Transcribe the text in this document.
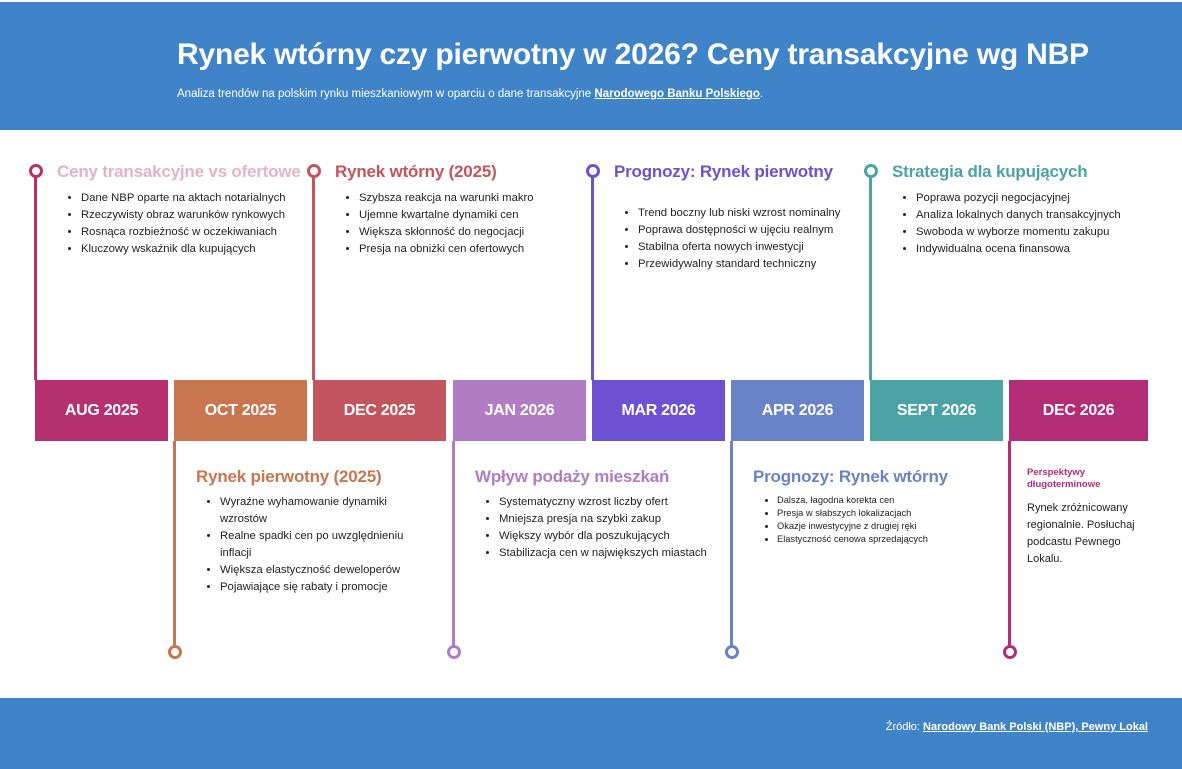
Rynek wtórny czy pierwotny w 2026? Ceny transakcyjne wg NBP

Analiza trendów na polskim rynku mieszkaniowym w oparciu o dane transakcyjne Narodowego Banku Polskiego.

AUG 2025
Ceny transakcyjne vs ofertowe
• Dane NBP oparte na aktach notarialnych
• Rzeczywisty obraz warunków rynkowych
• Rosnąca rozbieżność w oczekiwaniach
• Kluczowy wskaźnik dla kupujących
OCT 2025
Rynek pierwotny (2025)
• Wyraźne wyhamowanie dynamiki wzrostów
• Realne spadki cen po uwzględnieniu inflacji
• Większa elastyczność deweloperów
• Pojawiające się rabaty i promocje
DEC 2025
Rynek wtórny (2025)
• Szybsza reakcja na warunki makro
• Ujemne kwartalne dynamiki cen
• Większa skłonność do negocjacji
• Presja na obniżki cen ofertowych
JAN 2026
Wpływ podaży mieszkań
• Systematyczny wzrost liczby ofert
• Mniejsza presja na szybki zakup
• Większy wybór dla poszukujących
• Stabilizacja cen w największych miastach
MAR 2026
Prognozy: Rynek pierwotny
• Trend boczny lub niski wzrost nominalny
• Poprawa dostępności w ujęciu realnym
• Stabilna oferta nowych inwestycji
• Przewidywalny standard techniczny
APR 2026
Prognozy: Rynek wtórny
• Dalsza, łagodna korekta cen
• Presja w słabszych lokalizacjach
• Okazje inwestycyjne z drugiej ręki
• Elastyczność cenowa sprzedających
SEPT 2026
Strategia dla kupujących
• Poprawa pozycji negocjacyjnej
• Analiza lokalnych danych transakcyjnych
• Swoboda w wyborze momentu zakupu
• Indywidualna ocena finansowa
DEC 2026
Perspektywy długoterminowe
Rynek zróżnicowany regionalnie. Posłuchaj podcastu Pewnego Lokalu.

Źródło: Narodowy Bank Polski (NBP), Pewny Lokal
